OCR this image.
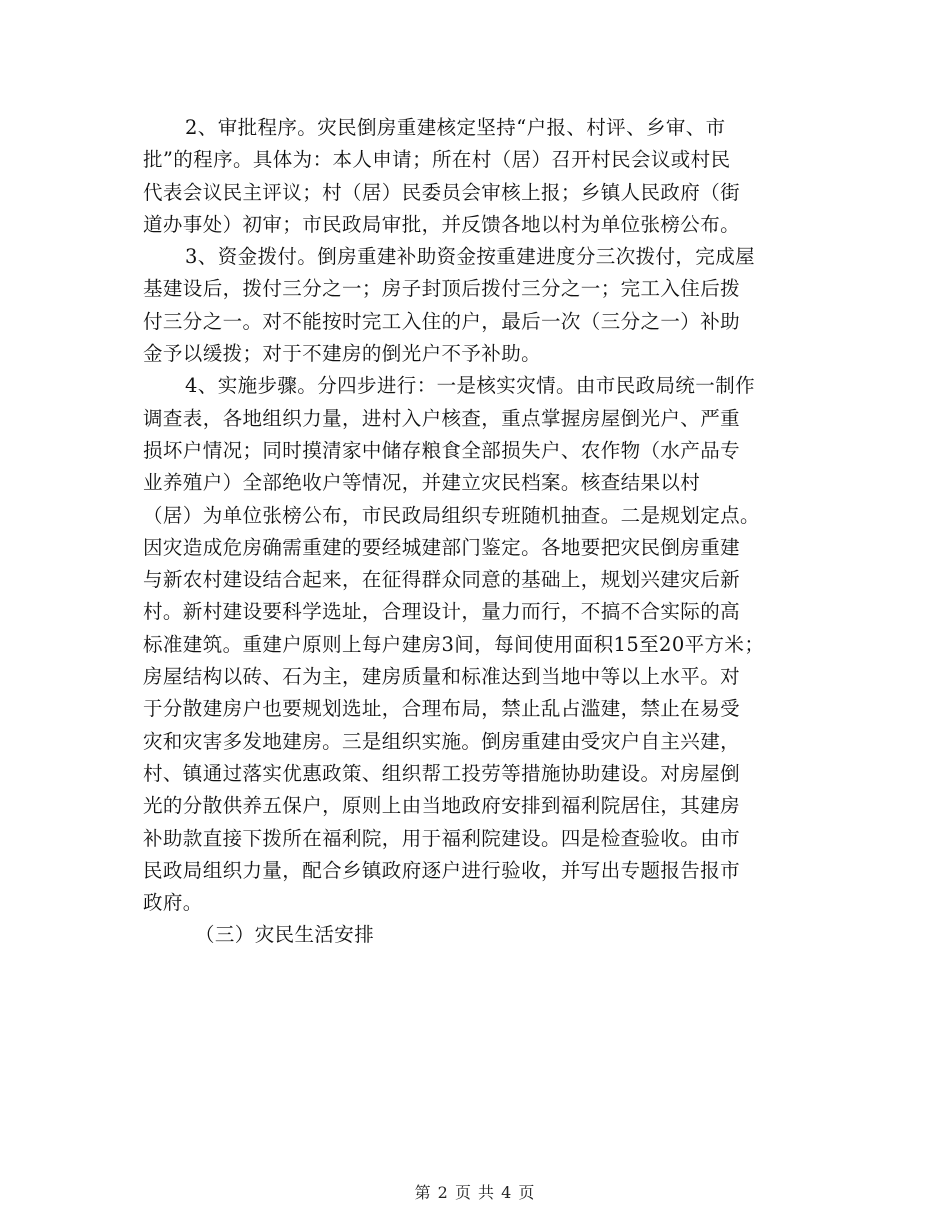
2、审批程序。灾民倒房重建核定坚持“户报、村评、乡审、市
批”的程序。具体为：本人申请；所在村（居）召开村民会议或村民
代表会议民主评议；村（居）民委员会审核上报；乡镇人民政府（街
道办事处）初审；市民政局审批，并反馈各地以村为单位张榜公布。
3、资金拨付。倒房重建补助资金按重建进度分三次拨付，完成屋
基建设后，拨付三分之一；房子封顶后拨付三分之一；完工入住后拨
付三分之一。对不能按时完工入住的户，最后一次（三分之一）补助
金予以缓拨；对于不建房的倒光户不予补助。
4、实施步骤。分四步进行：一是核实灾情。由市民政局统一制作
调查表，各地组织力量，进村入户核查，重点掌握房屋倒光户、严重
损坏户情况；同时摸清家中储存粮食全部损失户、农作物（水产品专
业养殖户）全部绝收户等情况，并建立灾民档案。核查结果以村
（居）为单位张榜公布，市民政局组织专班随机抽查。二是规划定点。
因灾造成危房确需重建的要经城建部门鉴定。各地要把灾民倒房重建
与新农村建设结合起来，在征得群众同意的基础上，规划兴建灾后新
村。新村建设要科学选址，合理设计，量力而行，不搞不合实际的高
标准建筑。重建户原则上每户建房3间，每间使用面积15至20平方米；
房屋结构以砖、石为主，建房质量和标准达到当地中等以上水平。对
于分散建房户也要规划选址，合理布局，禁止乱占滥建，禁止在易受
灾和灾害多发地建房。三是组织实施。倒房重建由受灾户自主兴建，
村、镇通过落实优惠政策、组织帮工投劳等措施协助建设。对房屋倒
光的分散供养五保户，原则上由当地政府安排到福利院居住，其建房
补助款直接下拨所在福利院，用于福利院建设。四是检查验收。由市
民政局组织力量，配合乡镇政府逐户进行验收，并写出专题报告报市
政府。
（三）灾民生活安排
第 2 页 共 4 页
